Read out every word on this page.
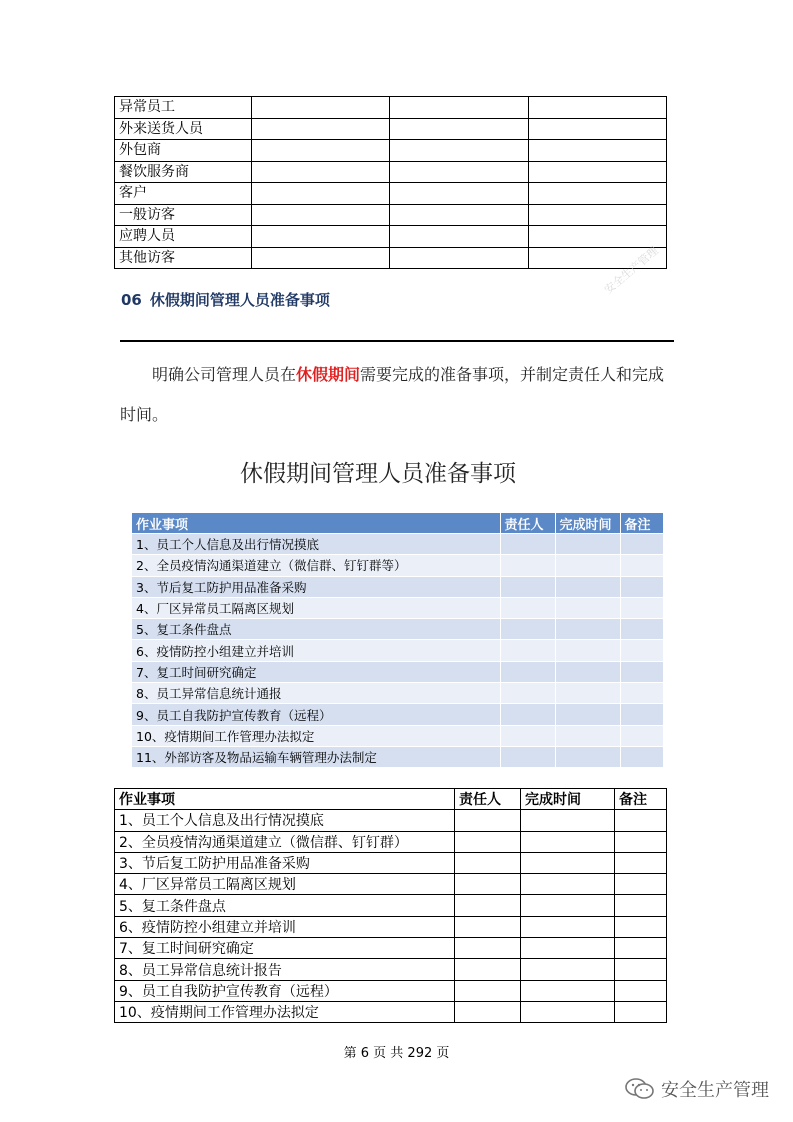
异常员工			
外来送货人员			
外包商			
餐饮服务商			
客户			
一般访客			
应聘人员			
其他访客			
06 休假期间管理人员准备事项
明确公司管理人员在休假期间需要完成的准备事项，并制定责任人和完成时间。
休假期间管理人员准备事项
作业事项	责任人	完成时间	备注
1、员工个人信息及出行情况摸底			
2、全员疫情沟通渠道建立（微信群、钉钉群等）			
3、节后复工防护用品准备采购			
4、厂区异常员工隔离区规划			
5、复工条件盘点			
6、疫情防控小组建立并培训			
7、复工时间研究确定			
8、员工异常信息统计通报			
9、员工自我防护宣传教育（远程）			
10、疫情期间工作管理办法拟定			
11、外部访客及物品运输车辆管理办法制定			
作业事项	责任人	完成时间	备注
1、员工个人信息及出行情况摸底			
2、全员疫情沟通渠道建立（微信群、钉钉群）			
3、节后复工防护用品准备采购			
4、厂区异常员工隔离区规划			
5、复工条件盘点			
6、疫情防控小组建立并培训			
7、复工时间研究确定			
8、员工异常信息统计报告			
9、员工自我防护宣传教育（远程）			
10、疫情期间工作管理办法拟定			
第 6 页 共 292 页
安全生产管理
安全生产管理
